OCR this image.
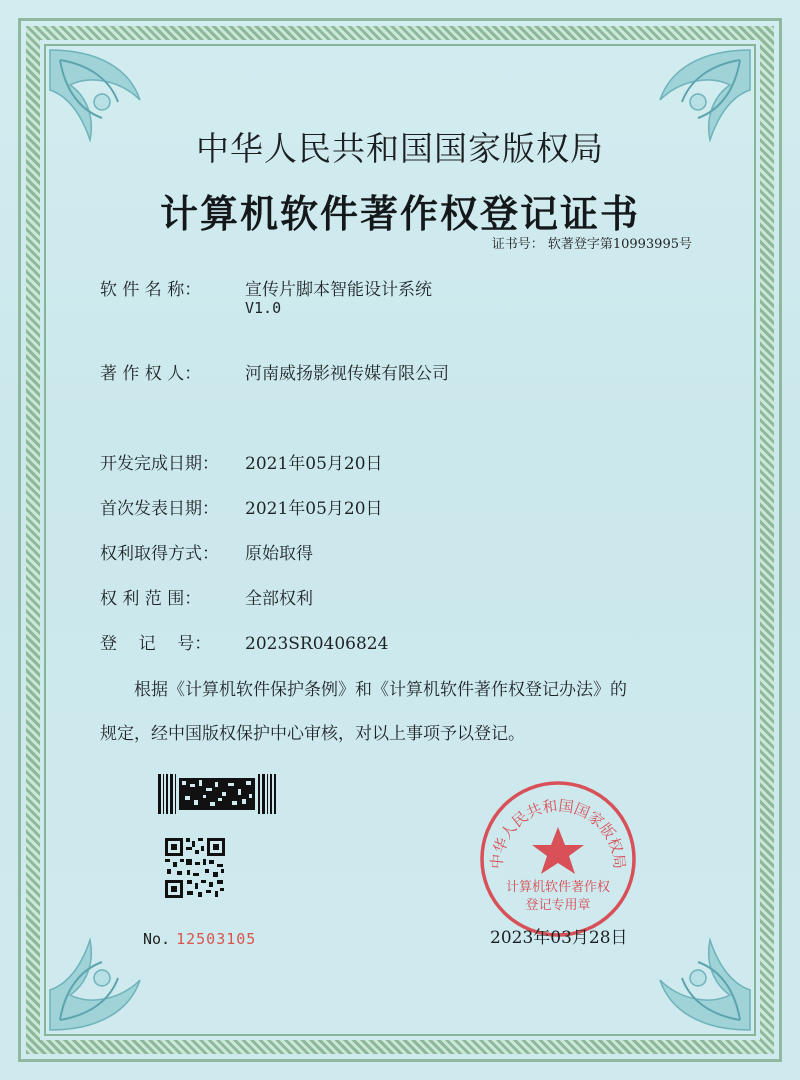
中华人民共和国国家版权局
计算机软件著作权登记证书
证书号： 软著登字第10993995号
软 件 名 称：	宣传片脚本智能设计系统
V1.0
著 作 权 人：	河南威扬影视传媒有限公司
开发完成日期： 2021年05月20日
首次发表日期： 2021年05月20日
权利取得方式： 原始取得
权 利 范 围：	全部权利
登    记    号： 2023SR0406824

根据《计算机软件保护条例》和《计算机软件著作权登记办法》的

规定，经中国版权保护中心审核，对以上事项予以登记。

No. 12503105
中华人民共和国国家版权局
计算机软件著作权
登记专用章
2023年03月28日
